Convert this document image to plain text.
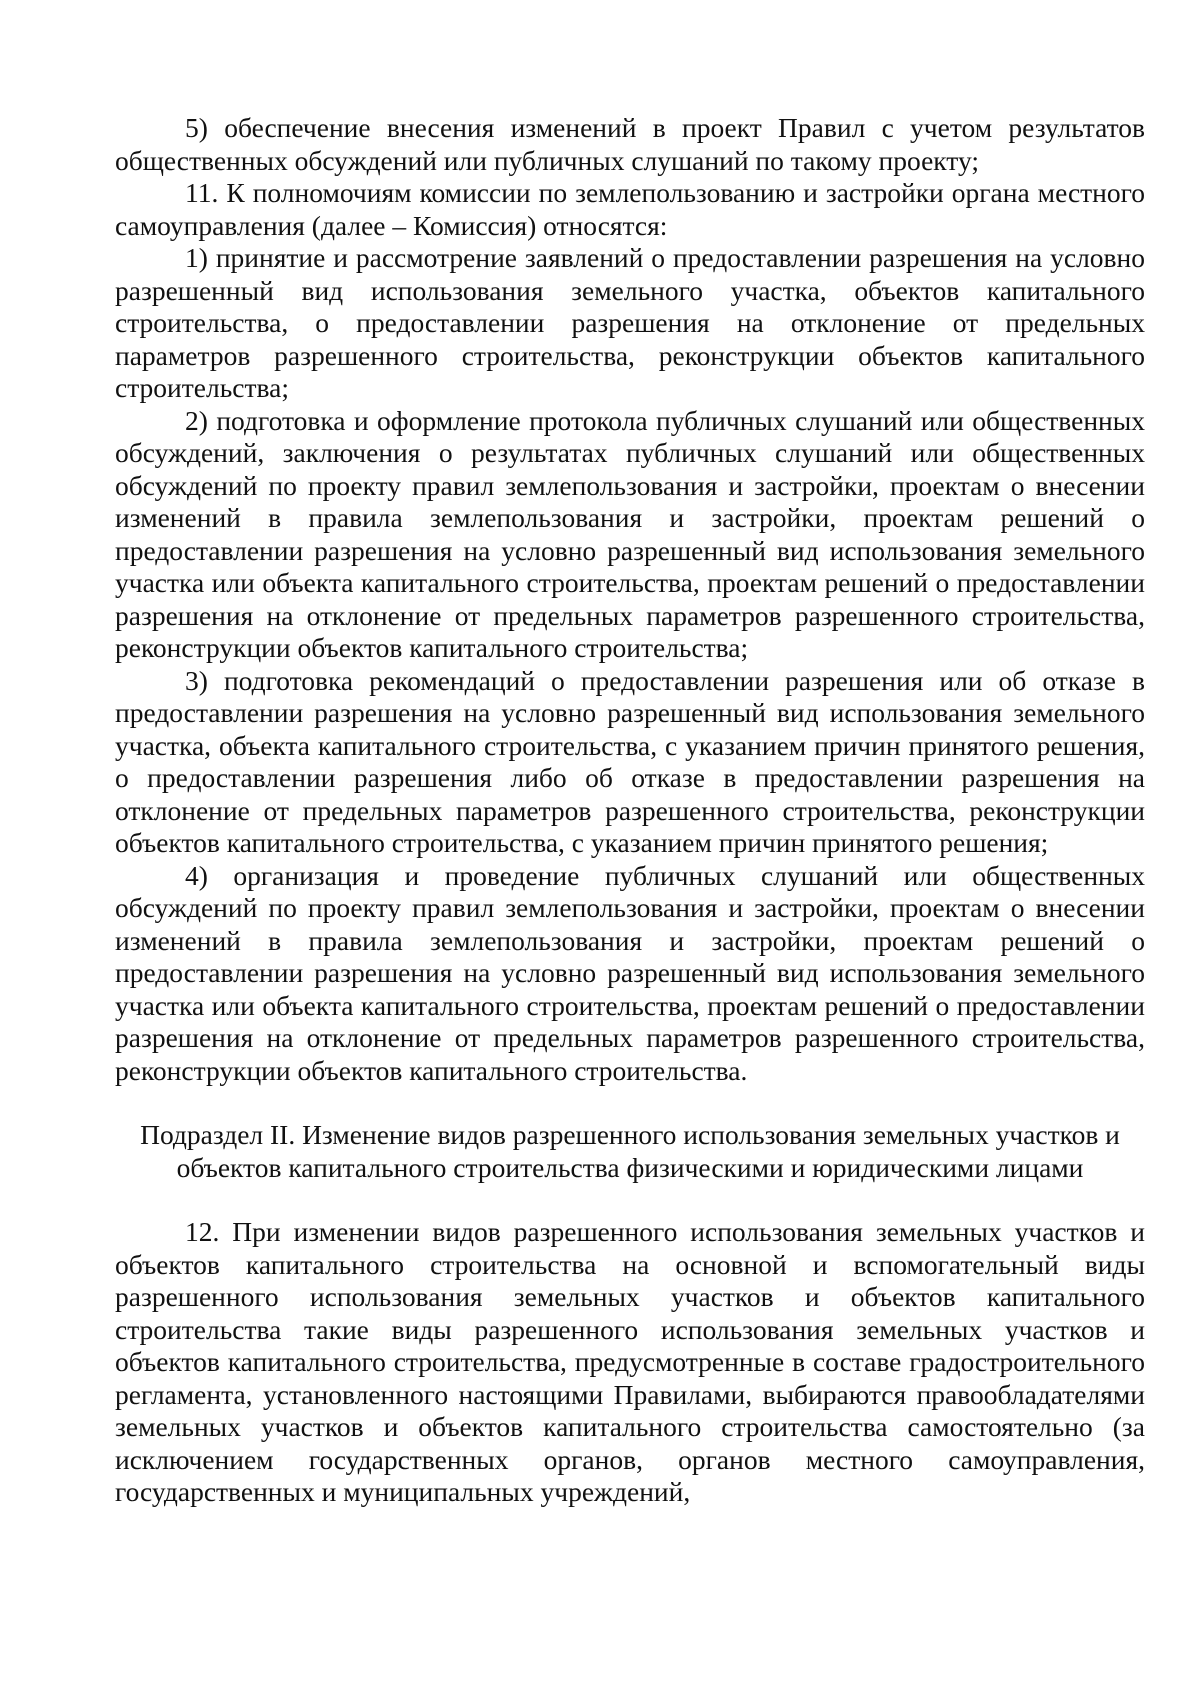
5) обеспечение внесения изменений в проект Правил с учетом результатов общественных обсуждений или публичных слушаний по такому проекту;

11. К полномочиям комиссии по землепользованию и застройки органа местного самоуправления (далее – Комиссия) относятся:

1) принятие и рассмотрение заявлений о предоставлении разрешения на условно разрешенный вид использования земельного участка, объектов капитального строительства, о предоставлении разрешения на отклонение от предельных параметров разрешенного строительства, реконструкции объектов капитального строительства;

2) подготовка и оформление протокола публичных слушаний или общественных обсуждений, заключения о результатах публичных слушаний или общественных обсуждений по проекту правил землепользования и застройки, проектам о внесении изменений в правила землепользования и застройки, проектам решений о предоставлении разрешения на условно разрешенный вид использования земельного участка или объекта капитального строительства, проектам решений о предоставлении разрешения на отклонение от предельных параметров разрешенного строительства, реконструкции объектов капитального строительства;

3) подготовка рекомендаций о предоставлении разрешения или об отказе в предоставлении разрешения на условно разрешенный вид использования земельного участка, объекта капитального строительства, с указанием причин принятого решения, о предоставлении разрешения либо об отказе в предоставлении разрешения на отклонение от предельных параметров разрешенного строительства, реконструкции объектов капитального строительства, с указанием причин принятого решения;

4) организация и проведение публичных слушаний или общественных обсуждений по проекту правил землепользования и застройки, проектам о внесении изменений в правила землепользования и застройки, проектам решений о предоставлении разрешения на условно разрешенный вид использования земельного участка или объекта капитального строительства, проектам решений о предоставлении разрешения на отклонение от предельных параметров разрешенного строительства, реконструкции объектов капитального строительства.

Подраздел II. Изменение видов разрешенного использования земельных участков и объектов капитального строительства физическими и юридическими лицами

12. При изменении видов разрешенного использования земельных участков и объектов капитального строительства на основной и вспомогательный виды разрешенного использования земельных участков и объектов капитального строительства такие виды разрешенного использования земельных участков и объектов капитального строительства, предусмотренные в составе градостроительного регламента, установленного настоящими Правилами, выбираются правообладателями земельных участков и объектов капитального строительства самостоятельно (за исключением государственных органов, органов местного самоуправления, государственных и муниципальных учреждений,
